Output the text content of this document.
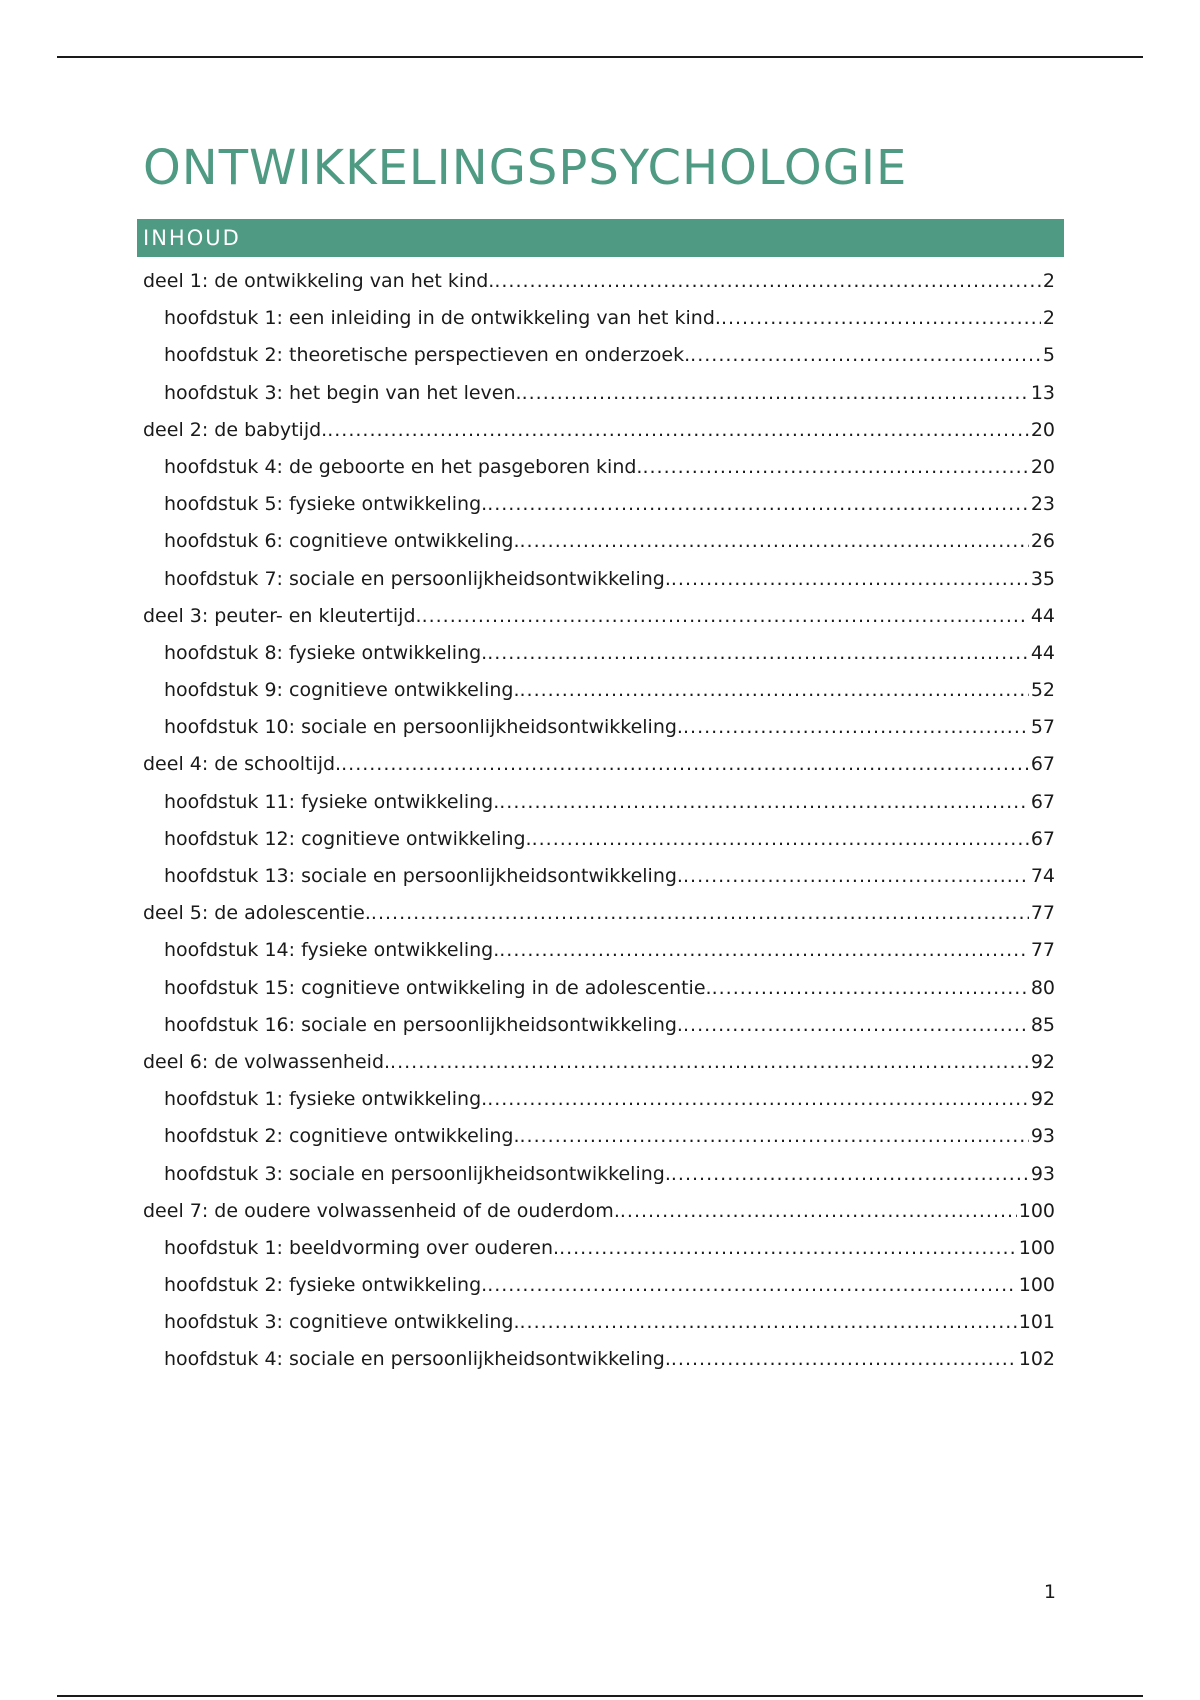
ONTWIKKELINGSPSYCHOLOGIE
INHOUD
deel 1: de ontwikkeling van het kind. .....	2
hoofdstuk 1: een inleiding in de ontwikkeling van het kind. .....	2
hoofdstuk 2: theoretische perspectieven en onderzoek. .....	5
hoofdstuk 3: het begin van het leven. .....	13
deel 2: de babytijd. .....	20
hoofdstuk 4: de geboorte en het pasgeboren kind. .....	20
hoofdstuk 5: fysieke ontwikkeling. .....	23
hoofdstuk 6: cognitieve ontwikkeling. .....	26
hoofdstuk 7: sociale en persoonlijkheidsontwikkeling. .....	35
deel 3: peuter- en kleutertijd. .....	44
hoofdstuk 8: fysieke ontwikkeling. .....	44
hoofdstuk 9: cognitieve ontwikkeling. .....	52
hoofdstuk 10: sociale en persoonlijkheidsontwikkeling. .....	57
deel 4: de schooltijd. .....	67
hoofdstuk 11: fysieke ontwikkeling. .....	67
hoofdstuk 12: cognitieve ontwikkeling. .....	67
hoofdstuk 13: sociale en persoonlijkheidsontwikkeling. .....	74
deel 5: de adolescentie. .....	77
hoofdstuk 14: fysieke ontwikkeling. .....	77
hoofdstuk 15: cognitieve ontwikkeling in de adolescentie. .....	80
hoofdstuk 16: sociale en persoonlijkheidsontwikkeling. .....	85
deel 6: de volwassenheid. .....	92
hoofdstuk 1: fysieke ontwikkeling. .....	92
hoofdstuk 2: cognitieve ontwikkeling. .....	93
hoofdstuk 3: sociale en persoonlijkheidsontwikkeling. .....	93
deel 7: de oudere volwassenheid of de ouderdom. .....	100
hoofdstuk 1: beeldvorming over ouderen. .....	100
hoofdstuk 2: fysieke ontwikkeling. .....	100
hoofdstuk 3: cognitieve ontwikkeling. .....	101
hoofdstuk 4: sociale en persoonlijkheidsontwikkeling. .....	102
1
